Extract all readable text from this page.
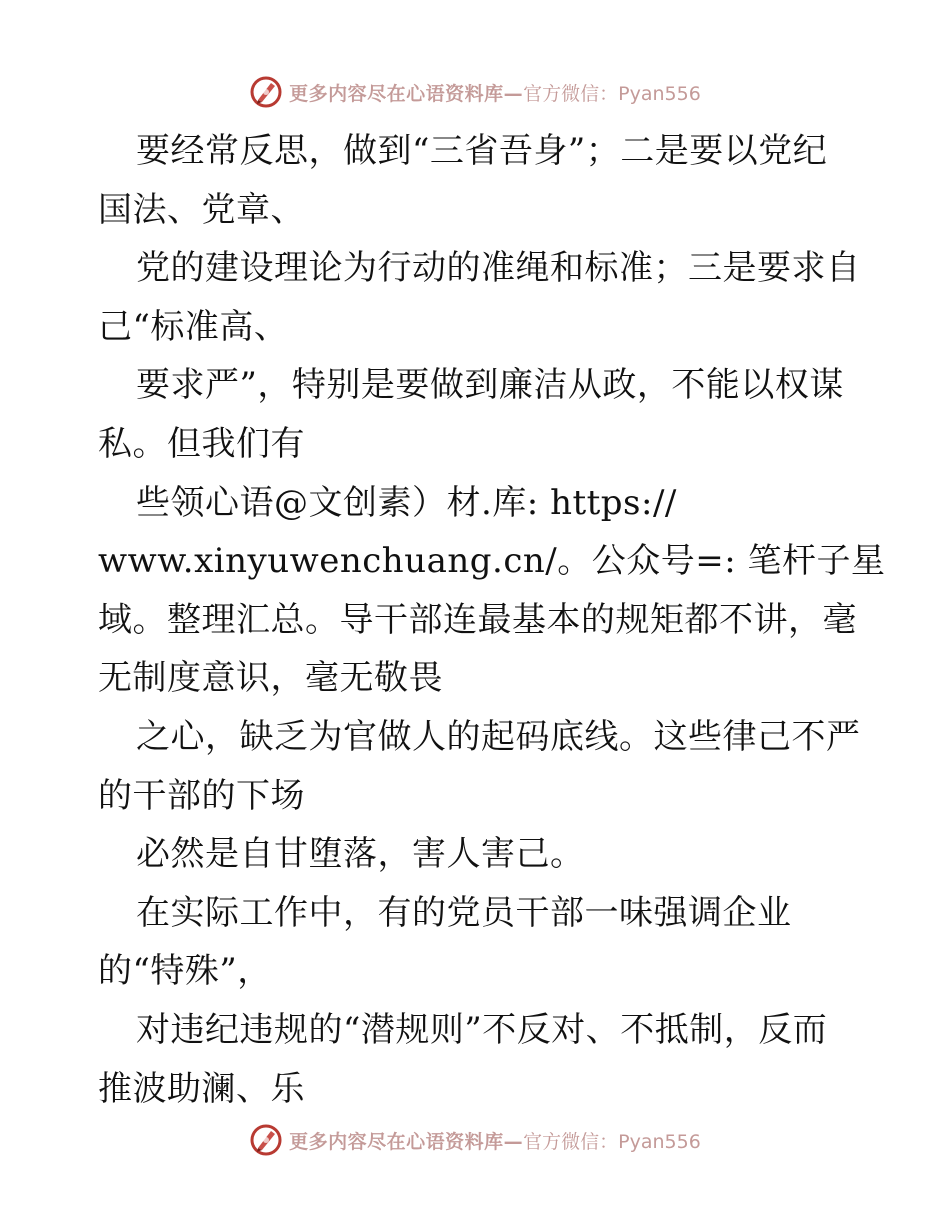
更多内容尽在心语资料库— 官方微信：Pyan556
要经常反思，做到“三省吾身”；二是要以党纪
国法、党章、
党的建设理论为行动的准绳和标准；三是要求自
己“标准高、
要求严”，特别是要做到廉洁从政，不能以权谋
私。但我们有
些领心语@文创素）材.库: https://
www.xinyuwenchuang.cn/。公众号=: 笔杆子星
域。整理汇总。导干部连最基本的规矩都不讲，毫
无制度意识，毫无敬畏
之心，缺乏为官做人的起码底线。这些律己不严
的干部的下场
必然是自甘堕落，害人害己。
在实际工作中，有的党员干部一味强调企业
的“特殊”，
对违纪违规的“潜规则”不反对、不抵制，反而
推波助澜、乐
更多内容尽在心语资料库— 官方微信：Pyan556
